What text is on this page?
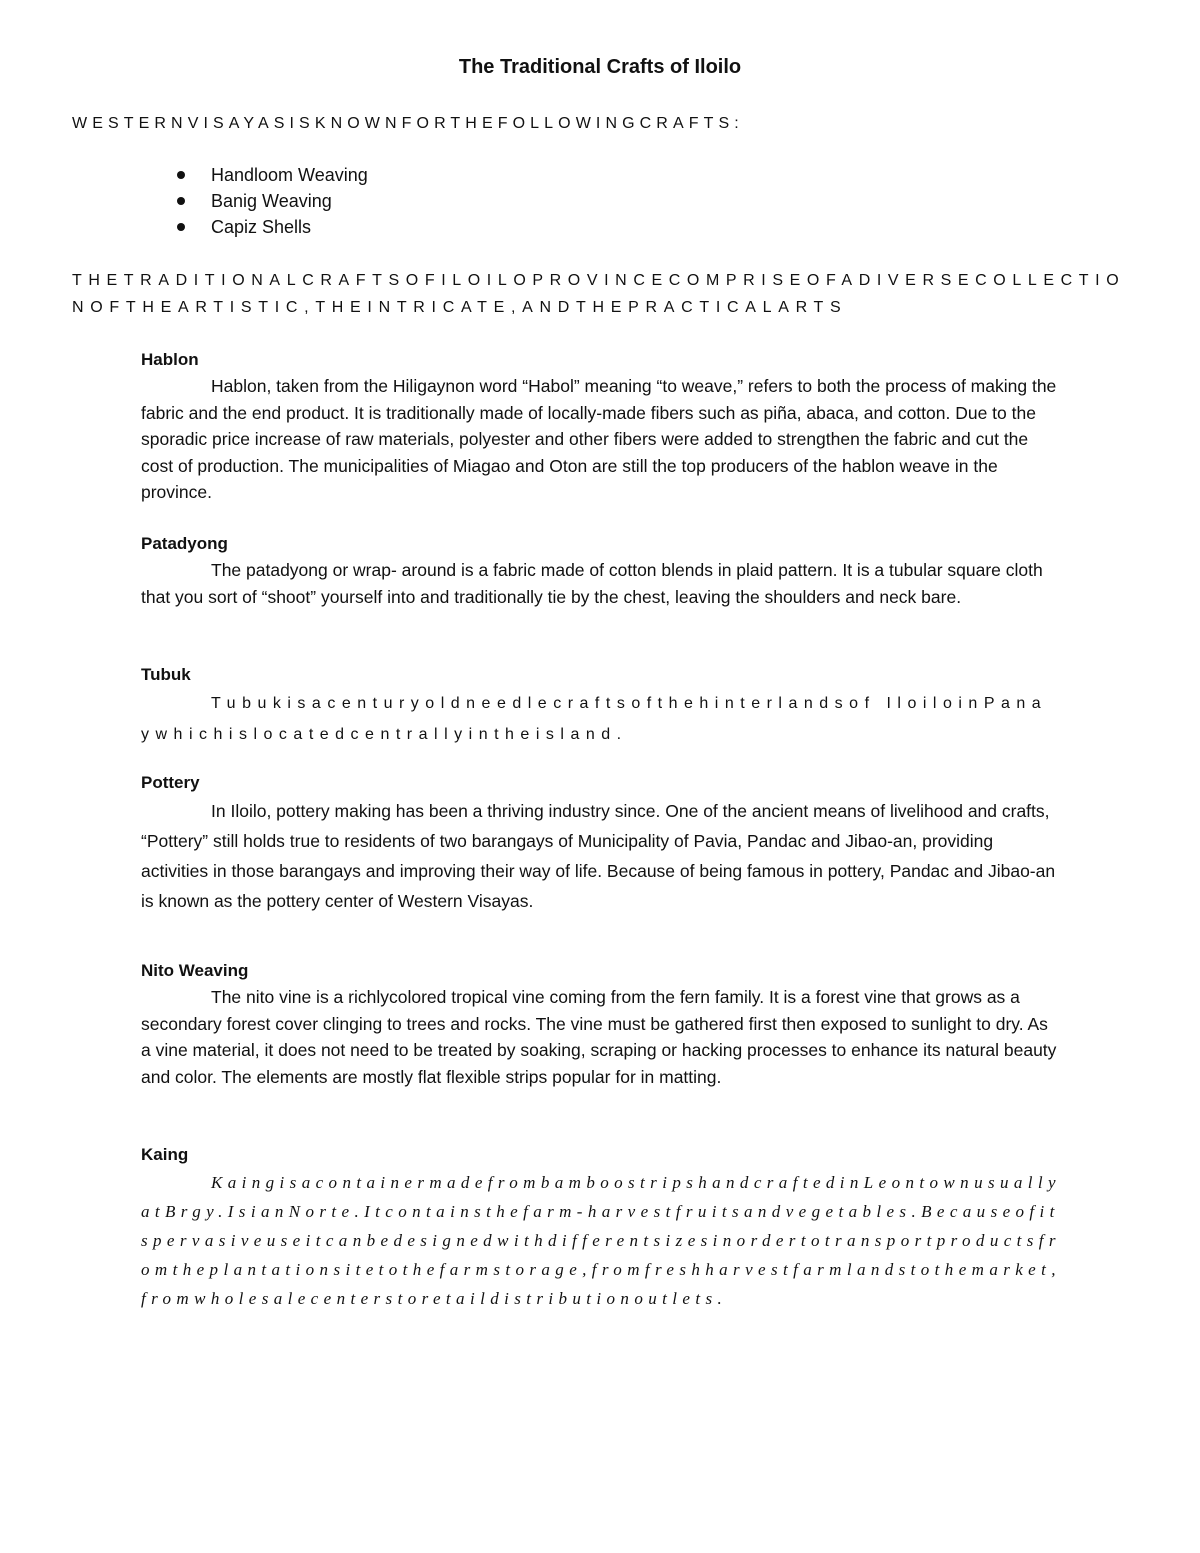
The Traditional Crafts of Iloilo

WESTERNVISAYASISKNOWNFORTHEFOLLOWINGCRAFTS:

Handloom Weaving
Banig Weaving
Capiz Shells

THETRADITIONALCRAFTSOFILOILOPROVINCECOMPRISEOFADIVERSECOLLECTIO

NOFTHEARTISTIC,THEINTRICATE,ANDTHEPRACTICALARTS

Hablon

Hablon, taken from the Hiligaynon word “Habol” meaning “to weave,” refers to both the process of making the fabric and the end product. It is traditionally made of locally-made fibers such as piña, abaca, and cotton. Due to the sporadic price increase of raw materials, polyester and other fibers were added to strengthen the fabric and cut the cost of production. The municipalities of Miagao and Oton are still the top producers of the hablon weave in the province.

Patadyong

The patadyong or wrap- around is a fabric made of cotton blends in plaid pattern. It is a tubular square cloth that you sort of “shoot” yourself into and traditionally tie by the chest, leaving the shoulders and neck bare.

Tubuk

Tubukisacenturyoldneedlecraftsofthehinterlandsof IloiloinPanaywhichislocatedcentrallyintheisland.

Pottery

In Iloilo, pottery making has been a thriving industry since. One of the ancient means of livelihood and crafts, “Pottery” still holds true to residents of two barangays of Municipality of Pavia, Pandac and Jibao-an, providing activities in those barangays and improving their way of life. Because of being famous in pottery, Pandac and Jibao-an is known as the pottery center of Western Visayas.

Nito Weaving

The nito vine is a richlycolored tropical vine coming from the fern family. It is a forest vine that grows as a secondary forest cover clinging to trees and rocks. The vine must be gathered first then exposed to sunlight to dry. As a vine material, it does not need to be treated by soaking, scraping or hacking processes to enhance its natural beauty and color. The elements are mostly flat flexible strips popular for in matting.

Kaing

KaingisacontainermadefrombamboostripshandcraftedinLeontownusuallyatBrgy.IsianNorte.Itcontainsthefarm-harvestfruitsandvegetables.Becauseofitspervasiveuseitcanbedesignedwithdifferentsizesinordertotransportproductsfromtheplantationsitetothefarmstorage,fromfreshharvestfarmlandstothemarket,fromwholesalecenterstoretaildistributionoutlets.
